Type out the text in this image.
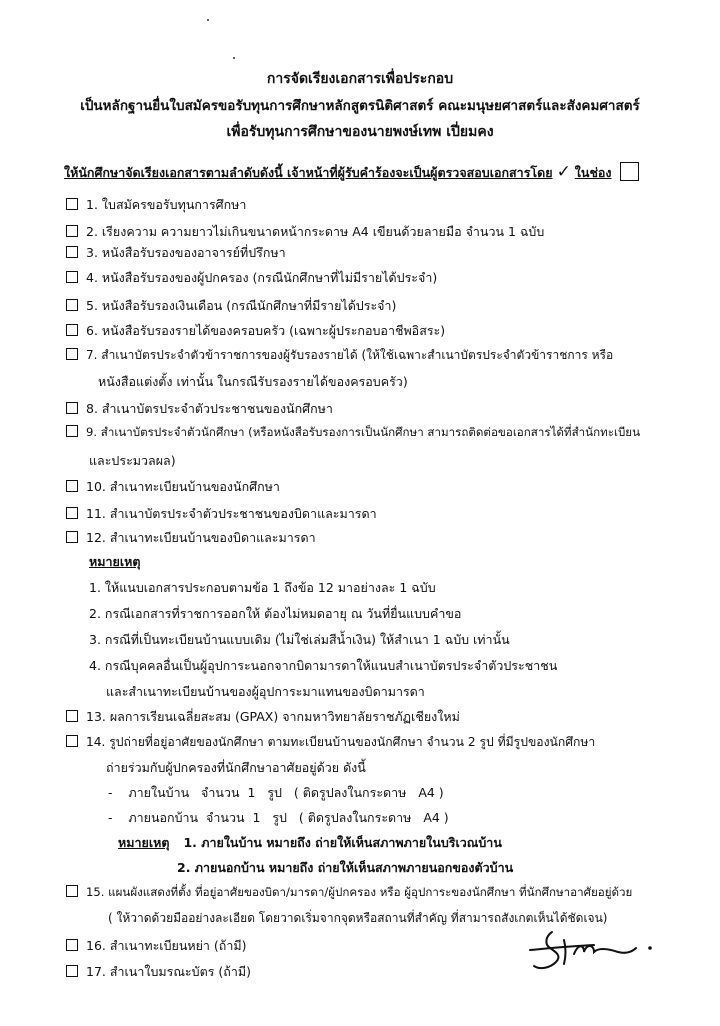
การจัดเรียงเอกสารเพื่อประกอบ
เป็นหลักฐานยื่นใบสมัครขอรับทุนการศึกษาหลักสูตรนิติศาสตร์ คณะมนุษยศาสตร์และสังคมศาสตร์
เพื่อรับทุนการศึกษาของนายพงษ์เทพ เปี่ยมคง
ให้นักศึกษาจัดเรียงเอกสารตามลำดับดังนี้ เจ้าหน้าที่ผู้รับคำร้องจะเป็นผู้ตรวจสอบเอกสารโดย ✓ ในช่อง
1. ใบสมัครขอรับทุนการศึกษา
2. เรียงความ ความยาวไม่เกินขนาดหน้ากระดาษ A4 เขียนด้วยลายมือ จำนวน 1 ฉบับ
3. หนังสือรับรองของอาจารย์ที่ปรึกษา
4. หนังสือรับรองของผู้ปกครอง (กรณีนักศึกษาที่ไม่มีรายได้ประจำ)
5. หนังสือรับรองเงินเดือน (กรณีนักศึกษาที่มีรายได้ประจำ)
6. หนังสือรับรองรายได้ของครอบครัว (เฉพาะผู้ประกอบอาชีพอิสระ)
7. สำเนาบัตรประจำตัวข้าราชการของผู้รับรองรายได้ (ให้ใช้เฉพาะสำเนาบัตรประจำตัวข้าราชการ หรือ
หนังสือแต่งตั้ง เท่านั้น ในกรณีรับรองรายได้ของครอบครัว)
8. สำเนาบัตรประจำตัวประชาชนของนักศึกษา
9. สำเนาบัตรประจำตัวนักศึกษา (หรือหนังสือรับรองการเป็นนักศึกษา สามารถติดต่อขอเอกสารได้ที่สำนักทะเบียน
และประมวลผล)
10. สำเนาทะเบียนบ้านของนักศึกษา
11. สำเนาบัตรประจำตัวประชาชนของบิดาและมารดา
12. สำเนาทะเบียนบ้านของบิดาและมารดา
หมายเหตุ
1. ให้แนบเอกสารประกอบตามข้อ 1 ถึงข้อ 12 มาอย่างละ 1 ฉบับ
2. กรณีเอกสารที่ราชการออกให้ ต้องไม่หมดอายุ ณ วันที่ยื่นแบบคำขอ
3. กรณีที่เป็นทะเบียนบ้านแบบเดิม (ไม่ใช่เล่มสีน้ำเงิน) ให้สำเนา 1 ฉบับ เท่านั้น
4. กรณีบุคคลอื่นเป็นผู้อุปการะนอกจากบิดามารดาให้แนบสำเนาบัตรประจำตัวประชาชน
และสำเนาทะเบียนบ้านของผู้อุปการะมาแทนของบิดามารดา
13. ผลการเรียนเฉลี่ยสะสม (GPAX) จากมหาวิทยาลัยราชภัฏเชียงใหม่
14. รูปถ่ายที่อยู่อาศัยของนักศึกษา ตามทะเบียนบ้านของนักศึกษา จำนวน 2 รูป ที่มีรูปของนักศึกษา
ถ่ายร่วมกับผู้ปกครองที่นักศึกษาอาศัยอยู่ด้วย ดังนี้
-    ภายในบ้าน   จำนวน  1   รูป   ( ติดรูปลงในกระดาษ   A4 )
-    ภายนอกบ้าน  จำนวน  1   รูป   ( ติดรูปลงในกระดาษ   A4 )
หมายเหตุ 1. ภายในบ้าน หมายถึง ถ่ายให้เห็นสภาพภายในบริเวณบ้าน
2. ภายนอกบ้าน หมายถึง ถ่ายให้เห็นสภาพภายนอกของตัวบ้าน
15. แผนผังแสดงที่ตั้ง ที่อยู่อาศัยของบิดา/มารดา/ผู้ปกครอง หรือ ผู้อุปการะของนักศึกษา ที่นักศึกษาอาศัยอยู่ด้วย
( ให้วาดด้วยมืออย่างละเอียด โดยวาดเริ่มจากจุดหรือสถานที่สำคัญ ที่สามารถสังเกตเห็นได้ชัดเจน)
16. สำเนาทะเบียนหย่า (ถ้ามี)
17. สำเนาใบมรณะบัตร (ถ้ามี)
